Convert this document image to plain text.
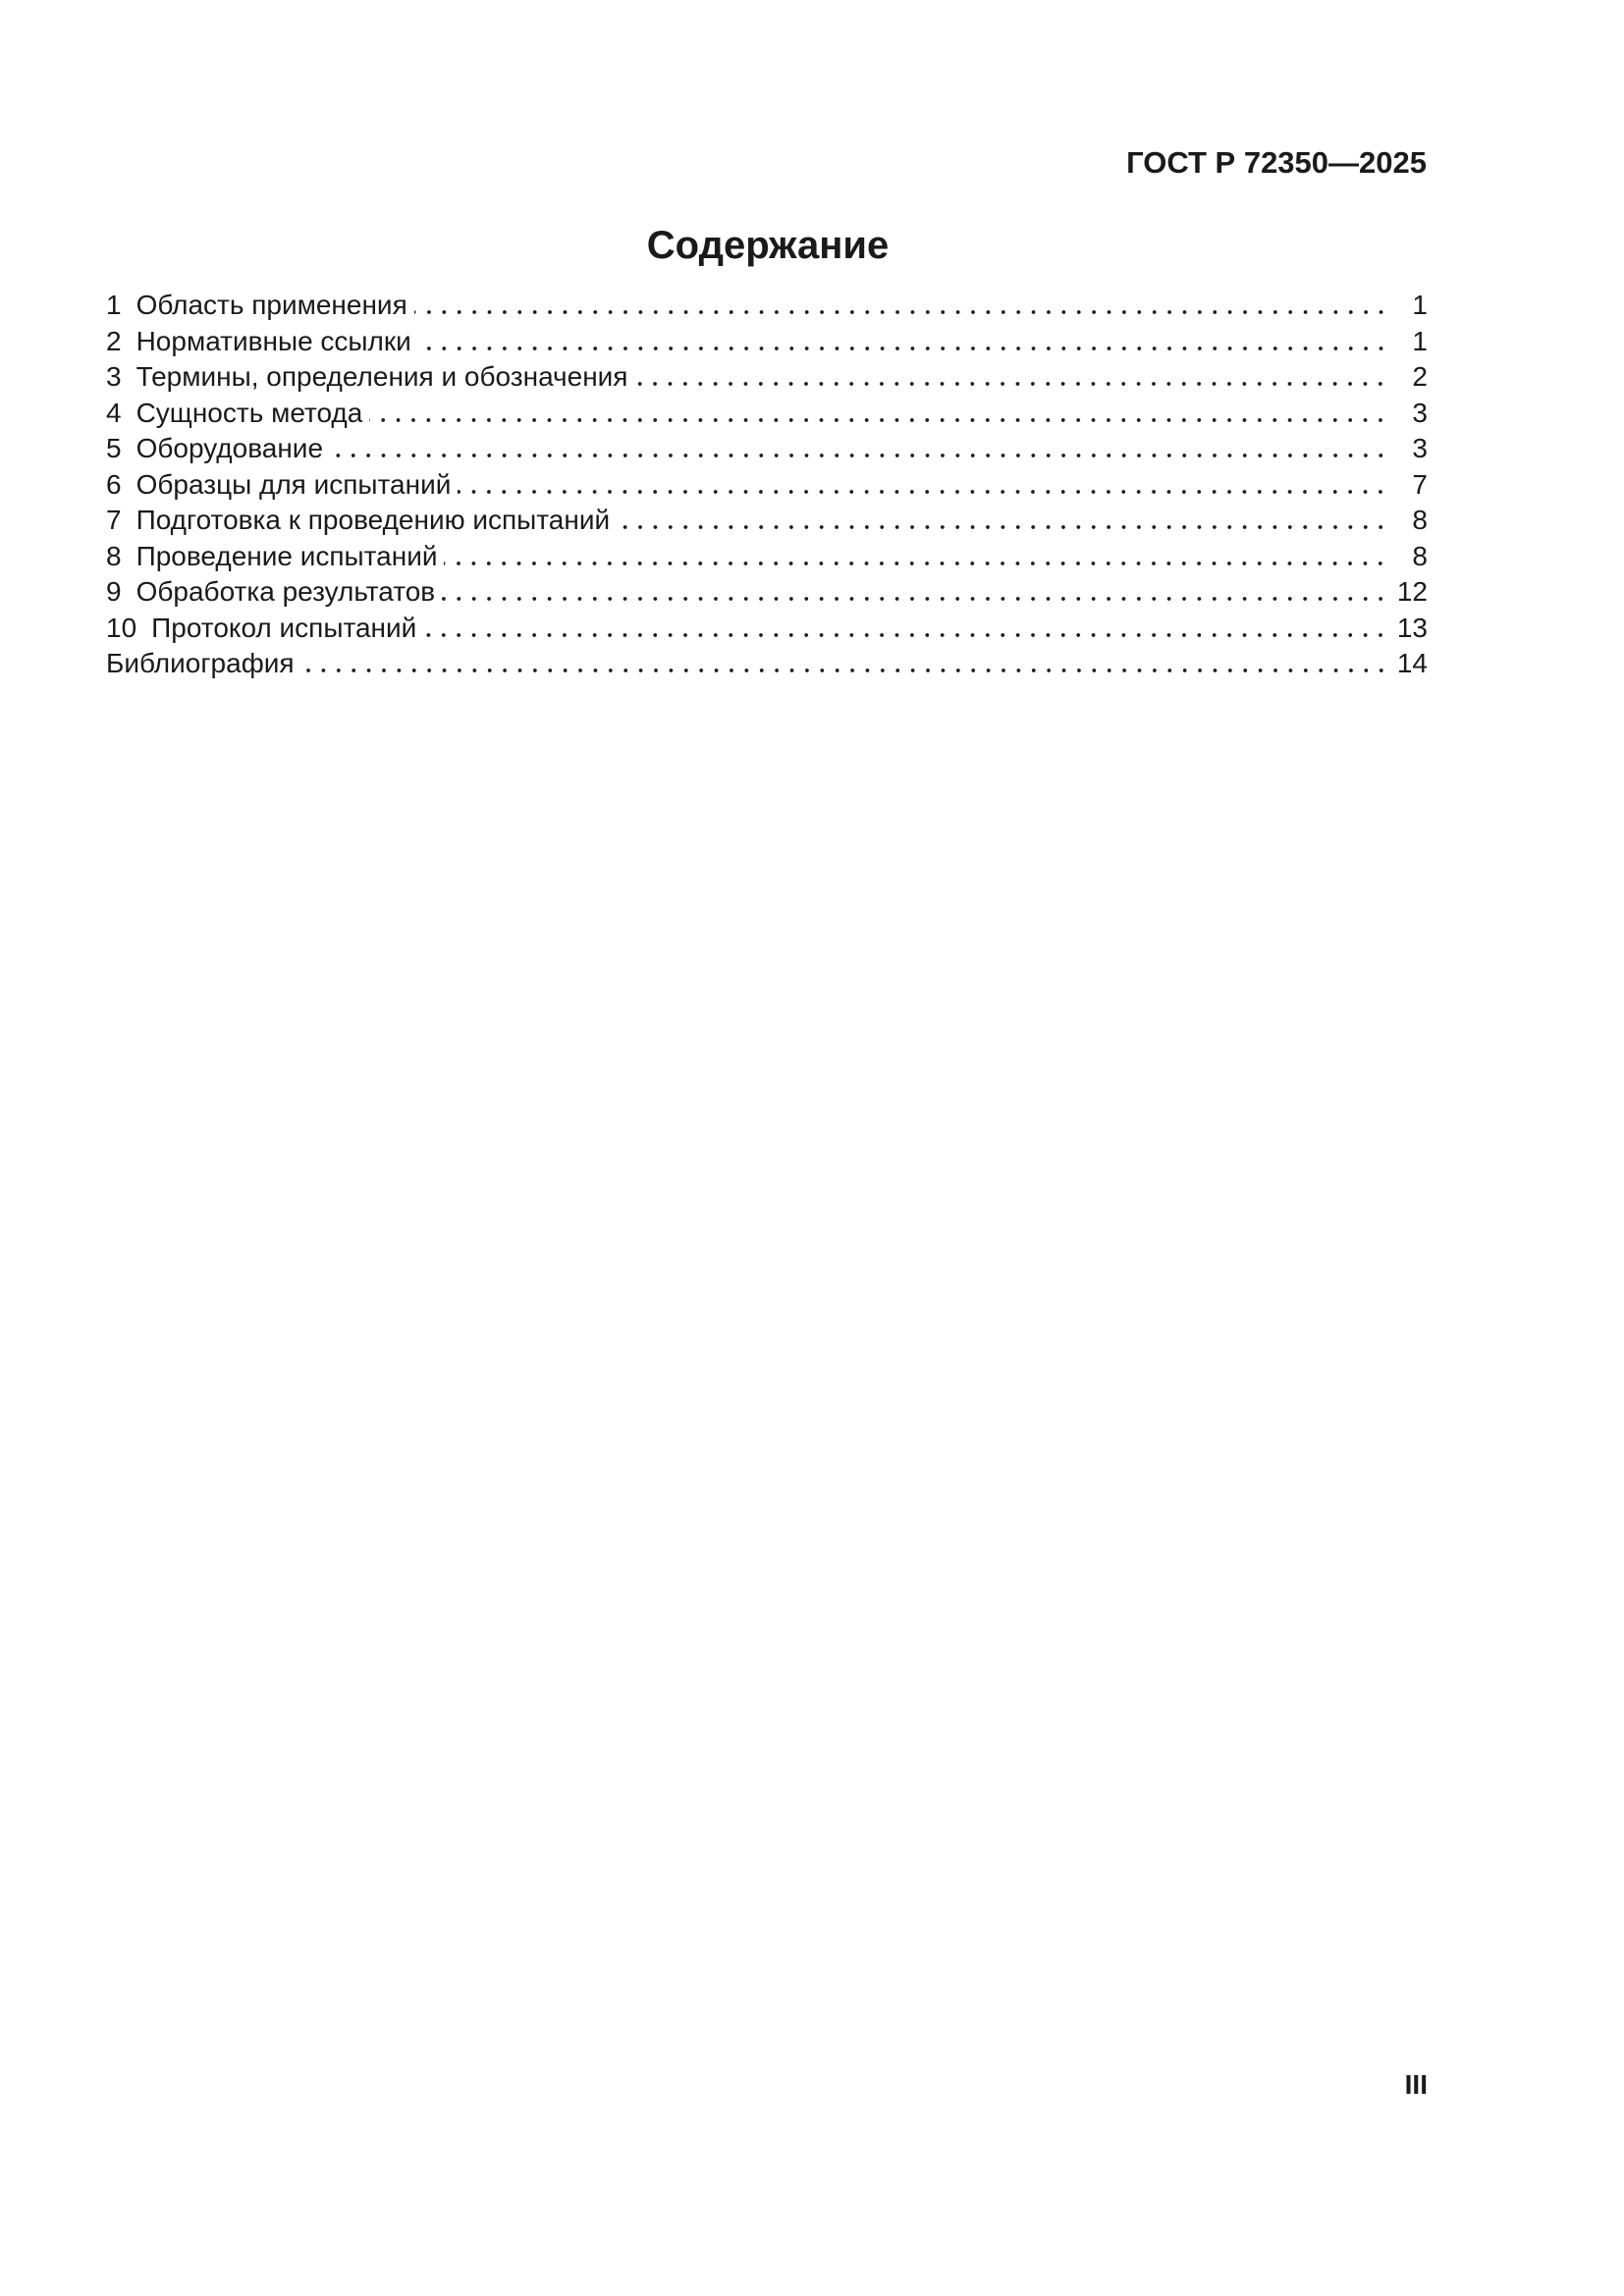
ГОСТ Р 72350—2025
Содержание
1 Область применения	1
2 Нормативные ссылки	1
3 Термины, определения и обозначения	2
4 Сущность метода	3
5 Оборудование	3
6 Образцы для испытаний	7
7 Подготовка к проведению испытаний	8
8 Проведение испытаний	8
9 Обработка результатов	12
10 Протокол испытаний	13
Библиография	14
III
